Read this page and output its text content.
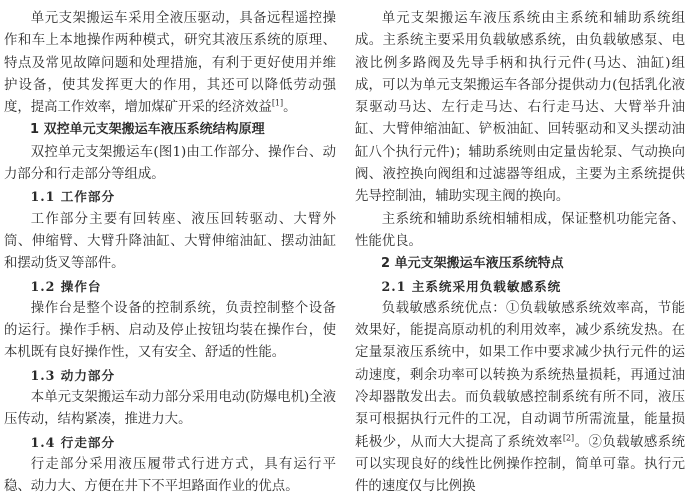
单元支架搬运车采用全液压驱动，具备远程遥控操作和车上本地操作两种模式，研究其液压系统的原理、特点及常见故障问题和处理措施，有利于更好使用并维护设备，使其发挥更大的作用，其还可以降低劳动强度，提高工作效率，增加煤矿开采的经济效益[1]。

1 双控单元支架搬运车液压系统结构原理

双控单元支架搬运车(图1)由工作部分、操作台、动力部分和行走部分等组成。

1.1 工作部分

工作部分主要有回转座、液压回转驱动、大臂外筒、伸缩臂、大臂升降油缸、大臂伸缩油缸、摆动油缸和摆动货叉等部件。

1.2 操作台

操作台是整个设备的控制系统，负责控制整个设备的运行。操作手柄、启动及停止按钮均装在操作台，使本机既有良好操作性，又有安全、舒适的性能。

1.3 动力部分

本单元支架搬运车动力部分采用电动(防爆电机)全液压传动，结构紧凑，推进力大。

1.4 行走部分

行走部分采用液压履带式行进方式，具有运行平稳、动力大、方便在井下不平坦路面作业的优点。

单元支架搬运车液压系统由主系统和辅助系统组成。主系统主要采用负载敏感系统，由负载敏感泵、电液比例多路阀及先导手柄和执行元件(马达、油缸)组成，可以为单元支架搬运车各部分提供动力(包括乳化液泵驱动马达、左行走马达、右行走马达、大臂举升油缸、大臂伸缩油缸、铲板油缸、回转驱动和叉头摆动油缸八个执行元件)；辅助系统则由定量齿轮泵、气动换向阀、液控换向阀组和过滤器等组成，主要为主系统提供先导控制油，辅助实现主阀的换向。

主系统和辅助系统相辅相成，保证整机功能完备、性能优良。

2 单元支架搬运车液压系统特点

2.1 主系统采用负载敏感系统

负载敏感系统优点：①负载敏感系统效率高，节能效果好，能提高原动机的利用效率，减少系统发热。在定量泵液压系统中，如果工作中要求减少执行元件的运动速度，剩余功率可以转换为系统热量损耗，再通过油冷却器散发出去。而负载敏感控制系统有所不同，液压泵可根据执行元件的工况，自动调节所需流量，能量损耗极少，从而大大提高了系统效率[2]。②负载敏感系统可以实现良好的线性比例操作控制，简单可靠。执行元件的速度仅与比例换
